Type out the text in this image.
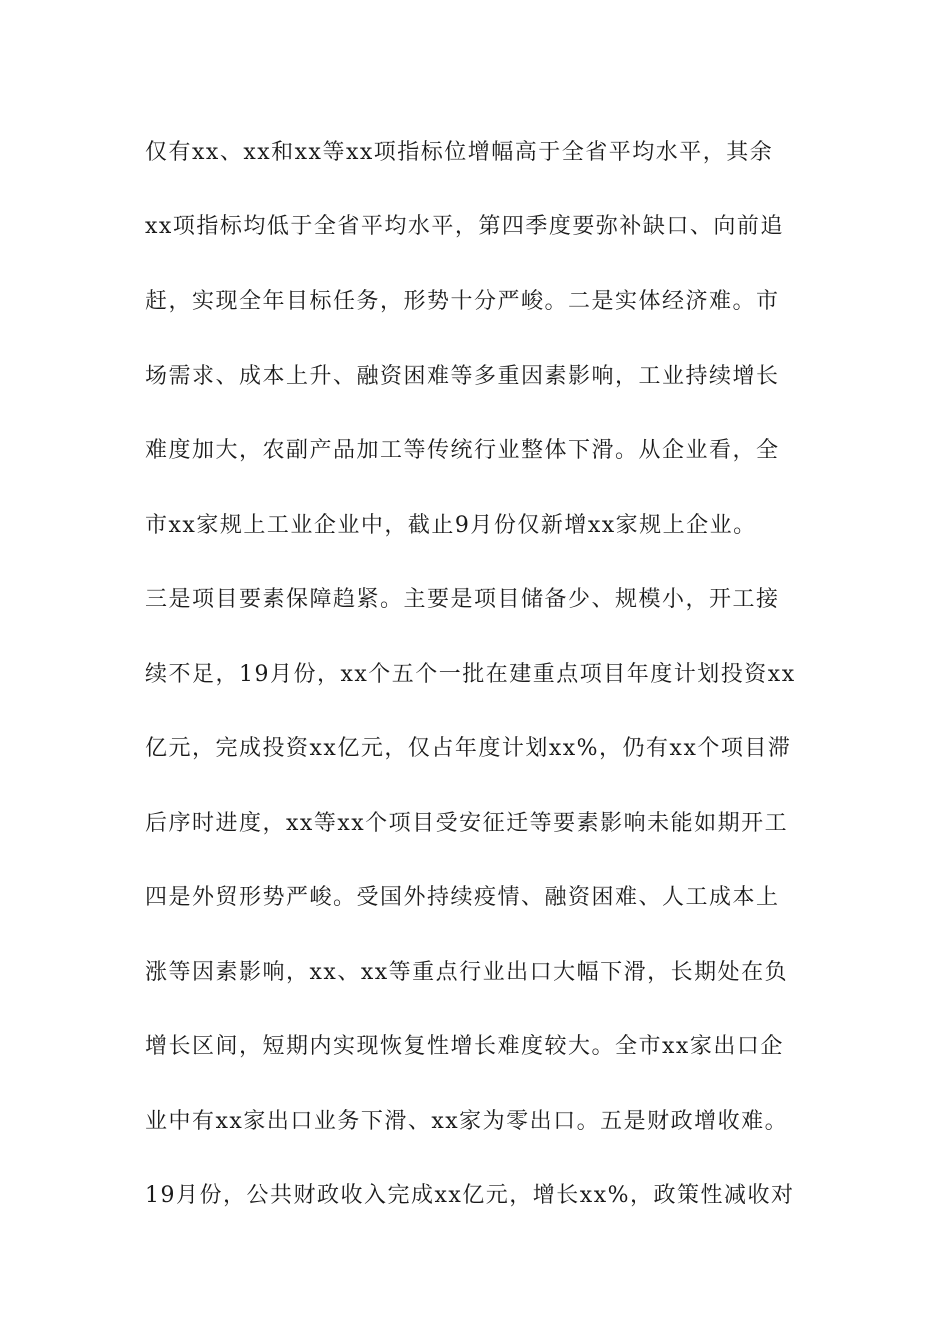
仅有xx、xx和xx等xx项指标位增幅高于全省平均水平，其余
xx项指标均低于全省平均水平，第四季度要弥补缺口、向前追
赶，实现全年目标任务，形势十分严峻。二是实体经济难。市
场需求、成本上升、融资困难等多重因素影响，工业持续增长
难度加大，农副产品加工等传统行业整体下滑。从企业看，全
市xx家规上工业企业中，截止9月份仅新增xx家规上企业。
三是项目要素保障趋紧。主要是项目储备少、规模小，开工接
续不足，19月份，xx个五个一批在建重点项目年度计划投资xx
亿元，完成投资xx亿元，仅占年度计划xx%，仍有xx个项目滞
后序时进度，xx等xx个项目受安征迁等要素影响未能如期开工
四是外贸形势严峻。受国外持续疫情、融资困难、人工成本上
涨等因素影响，xx、xx等重点行业出口大幅下滑，长期处在负
增长区间，短期内实现恢复性增长难度较大。全市xx家出口企
业中有xx家出口业务下滑、xx家为零出口。五是财政增收难。
19月份，公共财政收入完成xx亿元，增长xx%，政策性减收对
